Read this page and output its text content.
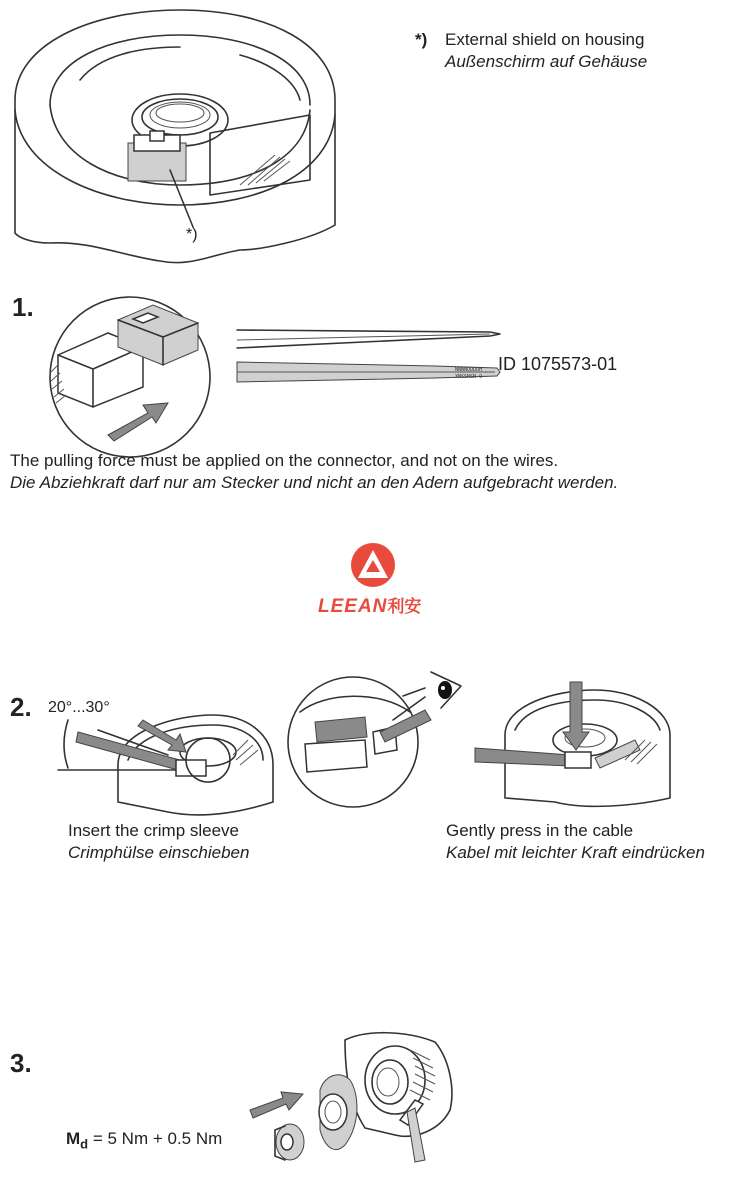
*)
*) External shield on housing
Außenschirm auf Gehäuse
1.
NNNNODDDH
XNSSNSN O
ID 1075573-01
The pulling force must be applied on the connector, and not on the wires.
Die Abziehkraft darf nur am Stecker und nicht an den Adern aufgebracht werden.
LEEAN利安
2. 20°...30°
Insert the crimp sleeve
Crimphülse einschieben
Gently press in the cable
Kabel mit leichter Kraft eindrücken
3.
$M_d = 5$ Nm + 0.5 Nm
